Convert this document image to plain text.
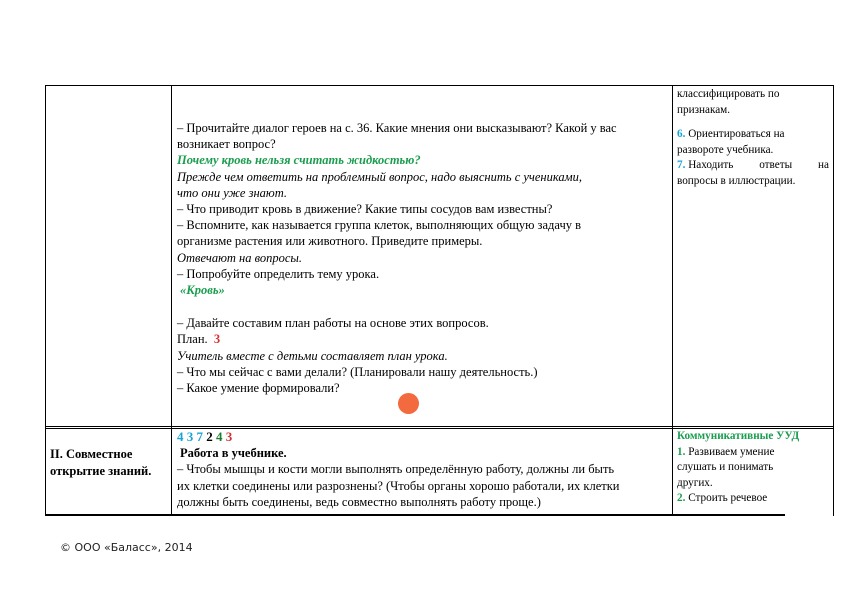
– Прочитайте диалог героев на с. 36. Какие мнения они высказывают? Какой у вас
возникает вопрос?
Почему кровь нельзя считать жидкостью?
Прежде чем ответить на проблемный вопрос, надо выяснить с учениками,
что они уже знают.
– Что приводит кровь в движение? Какие типы сосудов вам известны?
– Вспомните, как называется группа клеток, выполняющих общую задачу в
организме растения или животного. Приведите примеры.
Отвечают на вопросы.
– Попробуйте определить тему урока.
«Кровь»
– Давайте составим план работы на основе этих вопросов.
План. 3
Учитель вместе с детьми составляет план урока.
– Что мы сейчас с вами делали? (Планировали нашу деятельность.)
– Какое умение формировали?
классифицировать по
признакам.
6. Ориентироваться на
развороте учебника.
7. Находить ответы на
вопросы в иллюстрации.
II. Совместное
открытие знаний.
4 3 7 2 4 3
Работа в учебнике.
– Чтобы мышцы и кости могли выполнять определённую работу, должны ли быть
их клетки соединены или разрознены? (Чтобы органы хорошо работали, их клетки
должны быть соединены, ведь совместно выполнять работу проще.)
Коммуникативные УУД
1. Развиваем умение
слушать и понимать
других.
2. Строить речевое
© ООО «Баласс», 2014
